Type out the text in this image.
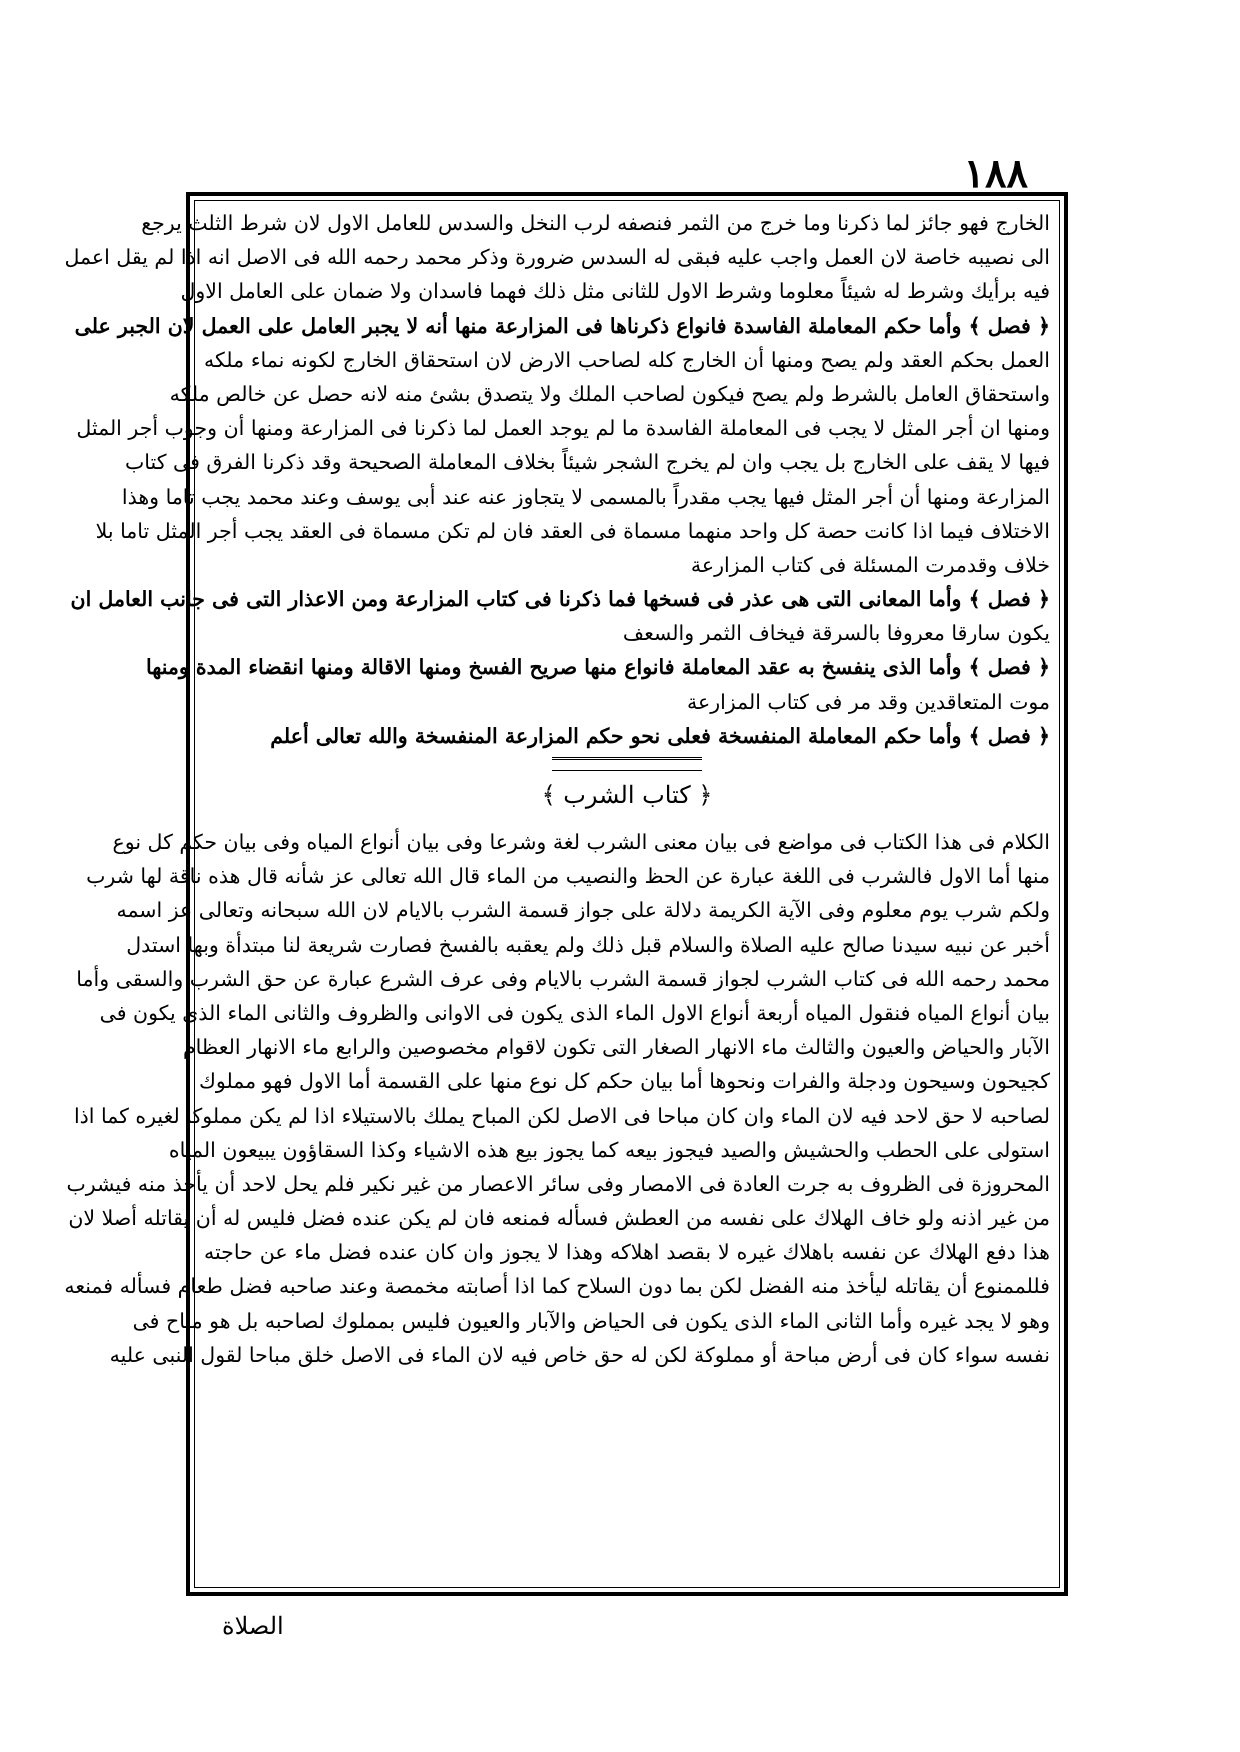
١٨٨
الخارج فهو جائز لما ذكرنا وما خرج من الثمر فنصفه لرب النخل والسدس للعامل الاول لان شرط الثلث يرجع
الى نصيبه خاصة لان العمل واجب عليه فبقى له السدس ضرورة وذكر محمد رحمه الله فى الاصل انه اذا لم يقل اعمل
فيه برأيك وشرط له شيئاً معلوما وشرط الاول للثانى مثل ذلك فهما فاسدان ولا ضمان على العامل الاول
﴿ فصل ﴾ وأما حكم المعاملة الفاسدة فانواع ذكرناها فى المزارعة منها أنه لا يجبر العامل على العمل لان الجبر على
العمل بحكم العقد ولم يصح ومنها أن الخارج كله لصاحب الارض لان استحقاق الخارج لكونه نماء ملكه
واستحقاق العامل بالشرط ولم يصح فيكون لصاحب الملك ولا يتصدق بشئ منه لانه حصل عن خالص ملكه
ومنها ان أجر المثل لا يجب فى المعاملة الفاسدة ما لم يوجد العمل لما ذكرنا فى المزارعة ومنها أن وجوب أجر المثل
فيها لا يقف على الخارج بل يجب وان لم يخرج الشجر شيئاً بخلاف المعاملة الصحيحة وقد ذكرنا الفرق فى كتاب
المزارعة ومنها أن أجر المثل فيها يجب مقدراً بالمسمى لا يتجاوز عنه عند أبى يوسف وعند محمد يجب تاما وهذا
الاختلاف فيما اذا كانت حصة كل واحد منهما مسماة فى العقد فان لم تكن مسماة فى العقد يجب أجر المثل تاما بلا
خلاف وقدمرت المسئلة فى كتاب المزارعة
﴿ فصل ﴾ وأما المعانى التى هى عذر فى فسخها فما ذكرنا فى كتاب المزارعة ومن الاعذار التى فى جانب العامل ان
يكون سارقا معروفا بالسرقة فيخاف الثمر والسعف
﴿ فصل ﴾ وأما الذى ينفسخ به عقد المعاملة فانواع منها صريح الفسخ ومنها الاقالة ومنها انقضاء المدة ومنها
موت المتعاقدين وقد مر فى كتاب المزارعة
﴿ فصل ﴾ وأما حكم المعاملة المنفسخة فعلى نحو حكم المزارعة المنفسخة والله تعالى أعلم
﴿ كتاب الشرب ﴾
الكلام فى هذا الكتاب فى مواضع فى بيان معنى الشرب لغة وشرعا وفى بيان أنواع المياه وفى بيان حكم كل نوع
منها أما الاول فالشرب فى اللغة عبارة عن الحظ والنصيب من الماء قال الله تعالى عز شأنه قال هذه ناقة لها شرب
ولكم شرب يوم معلوم وفى الآية الكريمة دلالة على جواز قسمة الشرب بالايام لان الله سبحانه وتعالى عز اسمه
أخبر عن نبيه سيدنا صالح عليه الصلاة والسلام قبل ذلك ولم يعقبه بالفسخ فصارت شريعة لنا مبتدأة وبها استدل
محمد رحمه الله فى كتاب الشرب لجواز قسمة الشرب بالايام وفى عرف الشرع عبارة عن حق الشرب والسقى وأما
بيان أنواع المياه فنقول المياه أربعة أنواع الاول الماء الذى يكون فى الاوانى والظروف والثانى الماء الذى يكون فى
الآبار والحياض والعيون والثالث ماء الانهار الصغار التى تكون لاقوام مخصوصين والرابع ماء الانهار العظام
كجيحون وسيحون ودجلة والفرات ونحوها أما بيان حكم كل نوع منها على القسمة أما الاول فهو مملوك
لصاحبه لا حق لاحد فيه لان الماء وان كان مباحا فى الاصل لكن المباح يملك بالاستيلاء اذا لم يكن مملوكا لغيره كما اذا
استولى على الحطب والحشيش والصيد فيجوز بيعه كما يجوز بيع هذه الاشياء وكذا السقاؤون يبيعون المياه
المحروزة فى الظروف به جرت العادة فى الامصار وفى سائر الاعصار من غير نكير فلم يحل لاحد أن يأخذ منه فيشرب
من غير اذنه ولو خاف الهلاك على نفسه من العطش فسأله فمنعه فان لم يكن عنده فضل فليس له أن يقاتله أصلا لان
هذا دفع الهلاك عن نفسه باهلاك غيره لا بقصد اهلاكه وهذا لا يجوز وان كان عنده فضل ماء عن حاجته
فللممنوع أن يقاتله ليأخذ منه الفضل لكن بما دون السلاح كما اذا أصابته مخمصة وعند صاحبه فضل طعام فسأله فمنعه
وهو لا يجد غيره وأما الثانى الماء الذى يكون فى الحياض والآبار والعيون فليس بمملوك لصاحبه بل هو مباح فى
نفسه سواء كان فى أرض مباحة أو مملوكة لكن له حق خاص فيه لان الماء فى الاصل خلق مباحا لقول النبى عليه
الصلاة
